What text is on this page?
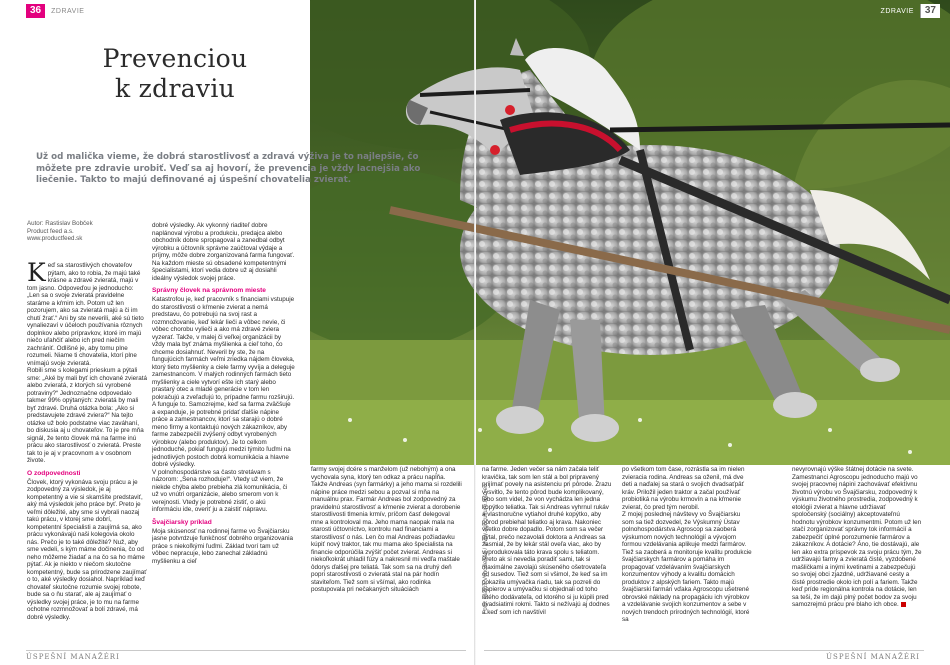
36	ZDRAVIE	ZDRAVIE	37
Prevenciou
k zdraviu
Už od malička vieme, že dobrá starostlivosť a zdravá výživa je to najlepšie, čo môžete pre zdravie urobiť. Veď sa aj hovorí, že prevencia je vždy lacnejšia ako liečenie. Takto to majú definované aj úspešní chovatelia zvierat.
Autor: Rastislav Bobček
Product feed a.s.
www.productfeed.sk

Keď sa starostlivých chovateľov pýtam, ako to robia, že majú také krásne a zdravé zvieratá, majú v tom jasno. Odpoveďou je jednoducho: „Len sa o svoje zvieratá pravidelne staráme a kŕmim ich. Potom už len pozorujem, ako sa zvieratá majú a či im chutí žrať.“ Ani by ste neverili, aké sú tieto vynaliezaví v účeloch používania rôznych doplnkov alebo prípravkov, ktoré im majú niečo uľahčiť alebo ich pred niečím zachrániť. Odlišné je, aby tomu plne rozumeli. Niame ti chovatelia, ktorí plne vnímajú svoje zvieratá.

Robili sme s kolegami prieskum a pýtali sme: „Aké by mali byť ich chované zvieratá alebo zvieratá, z ktorých sú vyrobené potraviny?“ Jednoznačne odpovedalo takmer 99% opýtaných: zvieratá by mali byť zdravé. Druhá otázka bola: „Ako si predstavujete zdravé zviera?“ Na tejto otázke už bolo podstatne viac zaváhaní, bo diskusia aj u chovateľov. To je pre mňa signál, že tento človek má na farme inú prácu ako starostlivosť o zvieratá. Preste tak to je aj v pracovnom a v osobnom živote.

O zodpovednosti

Človek, ktorý vykonáva svoju prácu a je zodpovedný za výsledok, je aj kompetentný a vie si skamšíte predstaviť, aký má výsledok jeho práce byť. Preto je veľmi dôležité, aby sme si vybrali naozaj takú prácu, v ktorej sme dobrí, kompetentní špecialisti a zaujímá sa, ako prácu vykonávajú naši kolegovia okolo nás. Prečo je to také dôležité? Nuž, aby sme vedeli, s kým máme dočinenia, čo od neho môžeme žiadať a na čo sa ho máme pýtať. Ak je niekto v niečom skutočne kompetentný, bude sa prirodzene zaujímať o to, aké výsledky dosiahol. Napríklad keď chovateľ skutočne rozumie svojej robote, bude sa o ňu starať, ale aj zaujímať o výsledky svojej práce, je to mu na farme ochotne rozmnožovať a bolí zdravé, má dobré výsledky.

dobré výsledky. Ak vykonný riaditeľ dobre naplánoval výrobu a produkciu, predajca alebo obchodník dobre spropagoval a zanedbal odbyt výrobku a účtovník správne zaúčtoval výdaje a príjmy, môže dobre zorganizovaná farma fungovať. Na každom mieste sú obsadené kompetentnými špecialistami, ktorí vedia dobre už aj dosiahli ideálny výsledok svojej práce.

Správny človek na správnom mieste

Katastrofou je, keď pracovník s financiami vstupuje do starostlivosti o kŕmenie zvierat a nemá predstavu, čo potrebujú na svoj rast a rozmnožovanie, keď lekár lieči a vôbec nevie, či vôbec chorobu vylieči a ako má zdravé zviera vyzerať. Takže, v malej či veľkej organizácii by vždy mala byť známa myšlienka a cieľ toho, čo chceme dosiahnuť. Neveril by ste, že na fungujúcich farmách veľmi zriedka nájdem človeka, ktorý tieto myšlienky a ciele farmy vyvíja a deleguje zamestnancom. V malých rodinných farmách tieto myšlienky a ciele vytvorí ešte ich starý alebo prastarý otec a mladé generácie v tom len pokračujú a zveľaďujú to, prípadne farmu rozširujú. A funguje to. Samozrejme, keď sa farma zväčšuje a expanduje, je potrebné prídať ďalšie nápine práce a zamestnancov, ktorí sa starajú o dobré meno firmy a kontaktujú nových zákazníkov, aby farme zabezpečili zvýšený odbyt vyrobených výrobkov (alebo produktov). Je to celkom jednoduché, pokiaľ fungujú medzi týmito ľuďmi na jednotlivých postoch dobrá komunikácia a hlavne dobré výsledky.

V polnohospodárstve sa často stretávam s názorom: „Sena rozhoduje!“. Vtedy už viem, že niekde chýba alebo prebieha zlá komunikácia, či už vo vnútri organizácie, alebo smerom von k verejnosti. Vtedy je potrebné zistiť, o akú informáciu ide, overiť ju a zaistiť nápravu.

Švajčiarsky príklad

Moja skúsenosť na rodinnej farme vo Švajčiarsku jasne potvrdzuje funkčnosť dobrého organizovania práce s niekoľkými ľuďmi. Základ tvorí tam už vôbec nepracuje, lebo zanechal základnú myšlienku a cieľ

farmy svojej dcére s manželom (už nebohým) a ona vychovala syna, ktorý ten odkaz a prácu napĺňa. Takže Andreas (syn farmárky) a jeho mama si rozdelili nápine práce medzi sebou a pozval si mňa na manuálnu prax. Farmár Andreas bol zodpovedný za pravidelnú starostlivosť a kŕmenie zvierat a dorobenie starostlivosti tlmenia krmív, príčom časť delegoval mne a kontroloval ma. Jeho mama naopak mala na starosti účtovníctvo, kontrolu nad financiami a starostlivosť o nás. Len čo mal Andreas požiadavku kúpiť nový traktor, tak mu mama ako špecialista na financie odporúčila zvýšiť počet zvierat. Andreas si niekoľkokrát uhladil fúzy a nakresnil mi vedľa maštale ôdorys ďalšej pre teliatá. Tak som sa na druhý deň popri starostlivosti o zvieratá stal na pár hodín staviteľom. Tiež som si všímal, ako rodinka postupovala pri nečakaných situáciách	Foto: Matúš Vyhodenák / www.agriculture.foto.eu

na farme. Jeden večer sa nám začala teliť kravička, tak som len stál a bol pripravený prijímať povely na asistenciu pri pôrode. Zrazu vysvitlo, že tento pôrod bude komplikovaný, lebo som videl, že von vychádza len jedna kopýtko teliatka. Tak si Andreas vyhrnul rukáv a vlastnoručne vytiahol druhé kopýtko, aby pôrod prebiehal teliatko aj krava. Nakoniec všetko dobre dopadlo. Potom som sa večer pýtal, prečo nezavolali doktora a Andreas sa zasmial, že by lekár stál oveľa viac, ako by vyprodukovala táto krava spolu s teliatom. Preto ak si nevedia poradiť sami, tak si maximálne zavolajú skúseného ošetrovateľa od susedov. Tiež som si všimol, že keď sa im pokazila umývačka riadu, tak sa pozreli do papierov a umývačku si objednali od toho istého dodávateľa, od ktorého si ju kúpili pred dvadsiatimi rokmi. Takto si nežívajú aj dodnes a keď som ich navštívil

po všetkom tom čase, rozrástla sa im nielen zvieracia rodina. Andreas sa oženil, má dve deti a naďalej sa stará o svojich dvadsaťpäť kráv. Priložil jeden traktor a začal používať probiotiká na výrobu krmovín a na kŕmenie zvierat, čo pred tým nerobil.

Z mojej poslednej návštevy vo Švajčiarsku som sa tiež dozvedel, že Výskumný Ústav polnohospodárstva Agroscop sa zaoberá výskumom nových technológií a vývojom formou vzdelávania aplikuje medzi farmárov. Tiež sa zaoberá a monitoruje kvalitu produkcie švajčiarskych farmárov a pomáha im propagovať vzdelávaním švajčiarskych konzumentov výhody a kvalitu domácich produktov z alpských fariem. Takto majú švajčiarski farmári vďaka Agroscopu ušetrené obrovské náklady na propagáciu ich výrobkov a vzdelávanie svojich konzumentov a sebe v nových trendoch prírodných technológií, ktoré sa

nevyrovnajú výške štátnej dotácie na svete. Zamestnanci Agroscopu jednoducho majú vo svojej pracovnej nápini zachovávať efektívnu životnú výrobu vo Švajčiarsku, zodpovedný k výskumu životného prostredia, zodpovedný k etológii zvierat a hlavne udržiavať spoločenský (sociálny) akceptovateľnú hodnotu výrobkov konzumentmi. Potom už len stačí zorganizovať správny tok informácií a zabezpečiť úplné porozumenie farmárov a zákazníkov. A dotácie? Áno, tie dostávajú, ale len ako extra príspevok za svoju prácu tým, že udržiavajú farmy a zvieratá čisté, vyzdobené mašličkami a inými kvetinami a zabezpečujú so svojej obci zjazdné, udržiavané cesty a čisté prostredie okolo ich polí a fariem. Takže keď príde regionálna kontrola na dotácie, len sa teši, že im dajú plný počet bodov za svoju samozrejmú prácu pre blaho ich obce.

ÚSPEŠNÍ MANAŽÉRI	ÚSPEŠNÍ MANAŽÉRI
